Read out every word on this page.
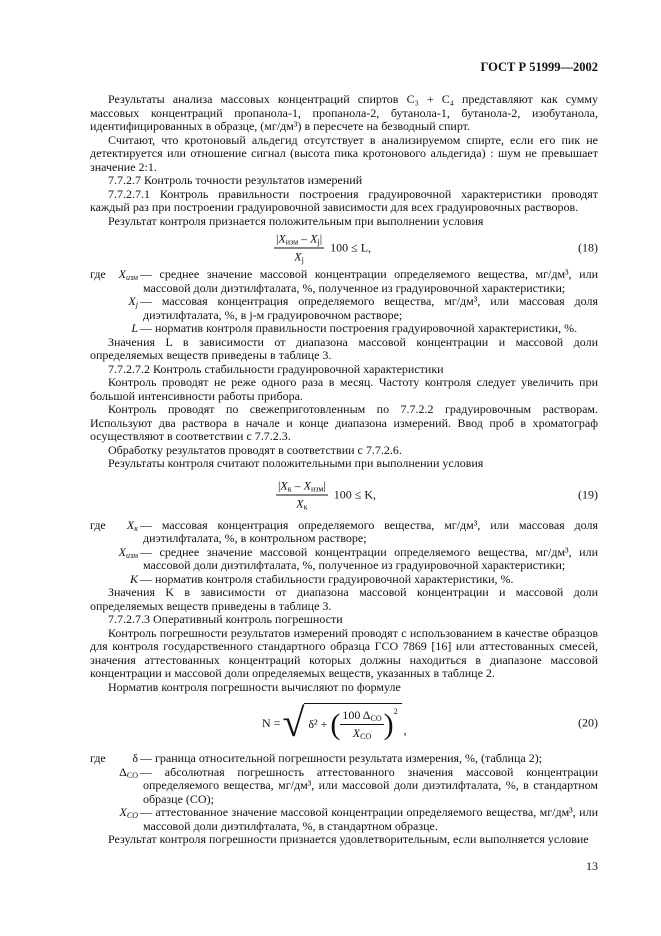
ГОСТ Р 51999—2002
Результаты анализа массовых концентраций спиртов C₃ + C₄ представляют как сумму массовых концентраций пропанола-1, пропанола-2, бутанола-1, бутанола-2, изобутанола, идентифицированных в образце, (мг/дм³) в пересчете на безводный спирт.
Считают, что кротоновый альдегид отсутствует в анализируемом спирте, если его пик не детектируется или отношение сигнал (высота пика кротонового альдегида) : шум не превышает значение 2:1.
7.7.2.7 Контроль точности результатов измерений
7.7.2.7.1 Контроль правильности построения градуировочной характеристики проводят каждый раз при построении градуировочной зависимости для всех градуировочных растворов.
Результат контроля признается положительным при выполнении условия
$\frac{|X_{изм} - X_j|}{X_j} 100 \le L$,	(18)
где	$X_{изм}$ — среднее значение массовой концентрации определяемого вещества, мг/дм³, или массовой доли диэтилфталата, %, полученное из градуировочной характеристики;
$X_j$ — массовая концентрация определяемого вещества, мг/дм³, или массовая доля диэтилфталата, %, в j-м градуировочном растворе;
L — норматив контроля правильности построения градуировочной характеристики, %.
Значения L в зависимости от диапазона массовой концентрации и массовой доли определяемых веществ приведены в таблице 3.
7.7.2.7.2 Контроль стабильности градуировочной характеристики
Контроль проводят не реже одного раза в месяц. Частоту контроля следует увеличить при большой интенсивности работы прибора.
Контроль проводят по свежеприготовленным по 7.7.2.2 градуировочным растворам. Используют два раствора в начале и конце диапазона измерений. Ввод проб в хроматограф осуществляют в соответствии с 7.7.2.3.
Обработку результатов проводят в соответствии с 7.7.2.6.
Результаты контроля считают положительными при выполнении условия
$\frac{|X_к - X_{изм}|}{X_к} 100 \le K$,	(19)
где	$X_к$ — массовая концентрация определяемого вещества, мг/дм³, или массовая доля диэтилфталата, %, в контрольном растворе;
$X_{изм}$ — среднее значение массовой концентрации определяемого вещества, мг/дм³, или массовой доли диэтилфталата, %, полученное из градуировочной характеристики;
K — норматив контроля стабильности градуировочной характеристики, %.
Значения K в зависимости от диапазона массовой концентрации и массовой доли определяемых веществ приведены в таблице 3.
7.7.2.7.3 Оперативный контроль погрешности
Контроль погрешности результатов измерений проводят с использованием в качестве образцов для контроля государственного стандартного образца ГСО 7869 [16] или аттестованных смесей, значения аттестованных концентраций которых должны находиться в диапазоне массовой концентрации и массовой доли определяемых веществ, указанных в таблице 2.
Норматив контроля погрешности вычисляют по формуле
N = √ δ² + ( $\frac{100 \Delta_{CO}}{X_{CO}}$ ) 2
,	(20)
где	δ — граница относительной погрешности результата измерения, %, (таблица 2);
$\Delta_{CO}$ — абсолютная погрешность аттестованного значения массовой концентрации определяемого вещества, мг/дм³, или массовой доли диэтилфталата, %, в стандартном образце (СО);
$X_{CO}$ — аттестованное значение массовой концентрации определяемого вещества, мг/дм³, или массовой доли диэтилфталата, %, в стандартном образце.
Результат контроля погрешности признается удовлетворительным, если выполняется условие
13
